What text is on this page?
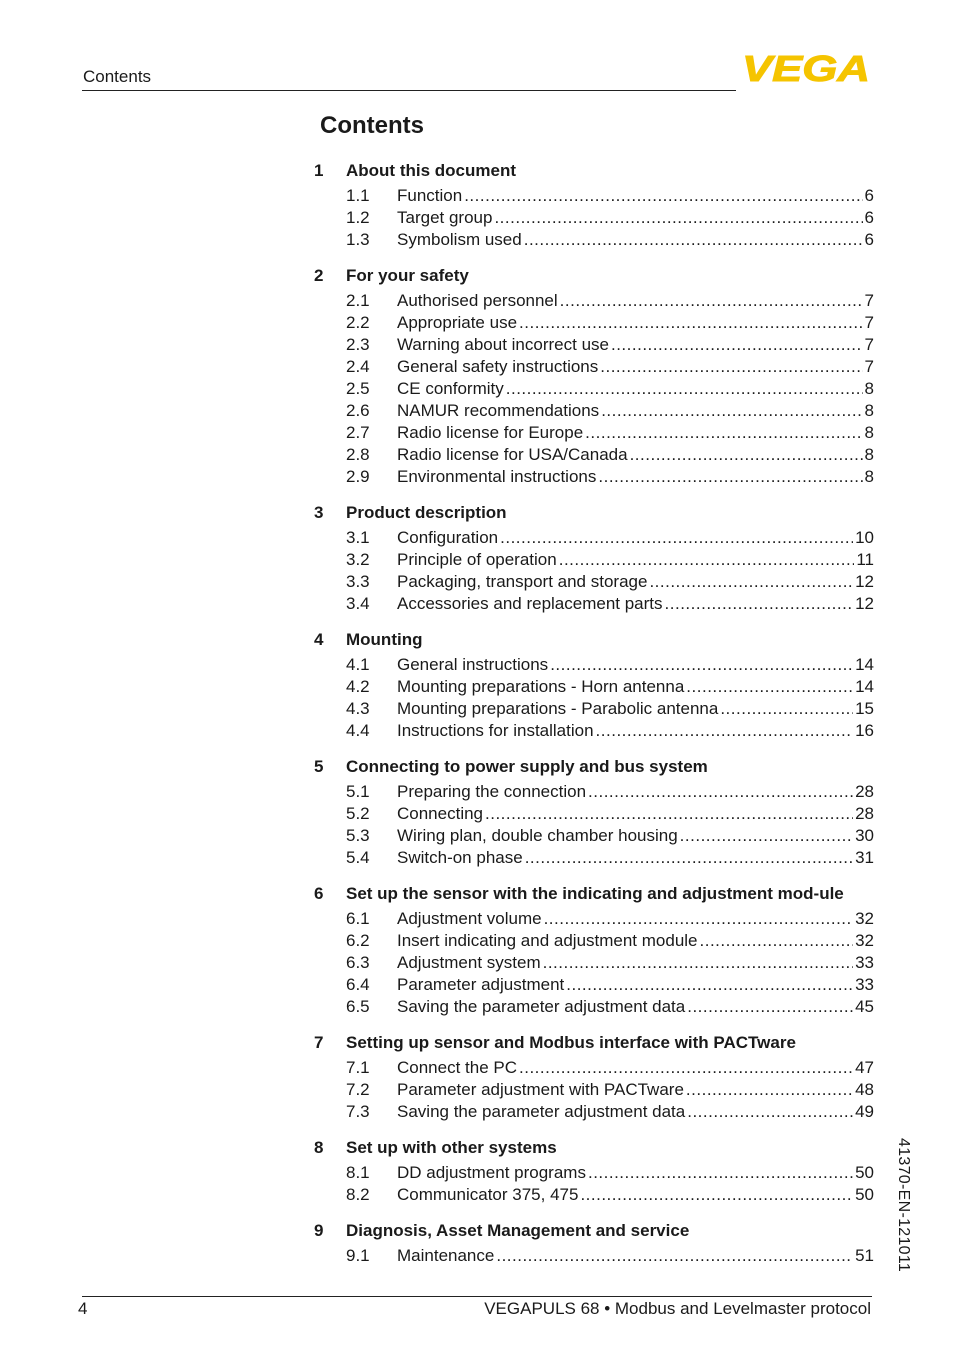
Contents	VEGA
Contents
1	About this document
1.1	Function .....	6
1.2	Target group .....	6
1.3	Symbolism used .....	6
2	For your safety
2.1	Authorised personnel .....	7
2.2	Appropriate use .....	7
2.3	Warning about incorrect use .....	7
2.4	General safety instructions .....	7
2.5	CE conformity .....	8
2.6	NAMUR recommendations .....	8
2.7	Radio license for Europe .....	8
2.8	Radio license for USA/Canada .....	8
2.9	Environmental instructions .....	8
3	Product description
3.1	Configuration .....	10
3.2	Principle of operation .....	11
3.3	Packaging, transport and storage .....	12
3.4	Accessories and replacement parts .....	12
4	Mounting
4.1	General instructions .....	14
4.2	Mounting preparations - Horn antenna .....	14
4.3	Mounting preparations - Parabolic antenna .....	15
4.4	Instructions for installation .....	16
5	Connecting to power supply and bus system
5.1	Preparing the connection .....	28
5.2	Connecting .....	28
5.3	Wiring plan, double chamber housing .....	30
5.4	Switch-on phase .....	31
6	Set up the sensor with the indicating and adjustment mod-ule
6.1	Adjustment volume .....	32
6.2	Insert indicating and adjustment module .....	32
6.3	Adjustment system .....	33
6.4	Parameter adjustment .....	33
6.5	Saving the parameter adjustment data .....	45
7	Setting up sensor and Modbus interface with PACTware
7.1	Connect the PC .....	47
7.2	Parameter adjustment with PACTware .....	48
7.3	Saving the parameter adjustment data .....	49
8	Set up with other systems
8.1	DD adjustment programs .....	50
8.2	Communicator 375, 475 .....	50
9	Diagnosis, Asset Management and service
9.1	Maintenance .....	51
4	VEGAPULS 68 • Modbus and Levelmaster protocol
41370-EN-121011
